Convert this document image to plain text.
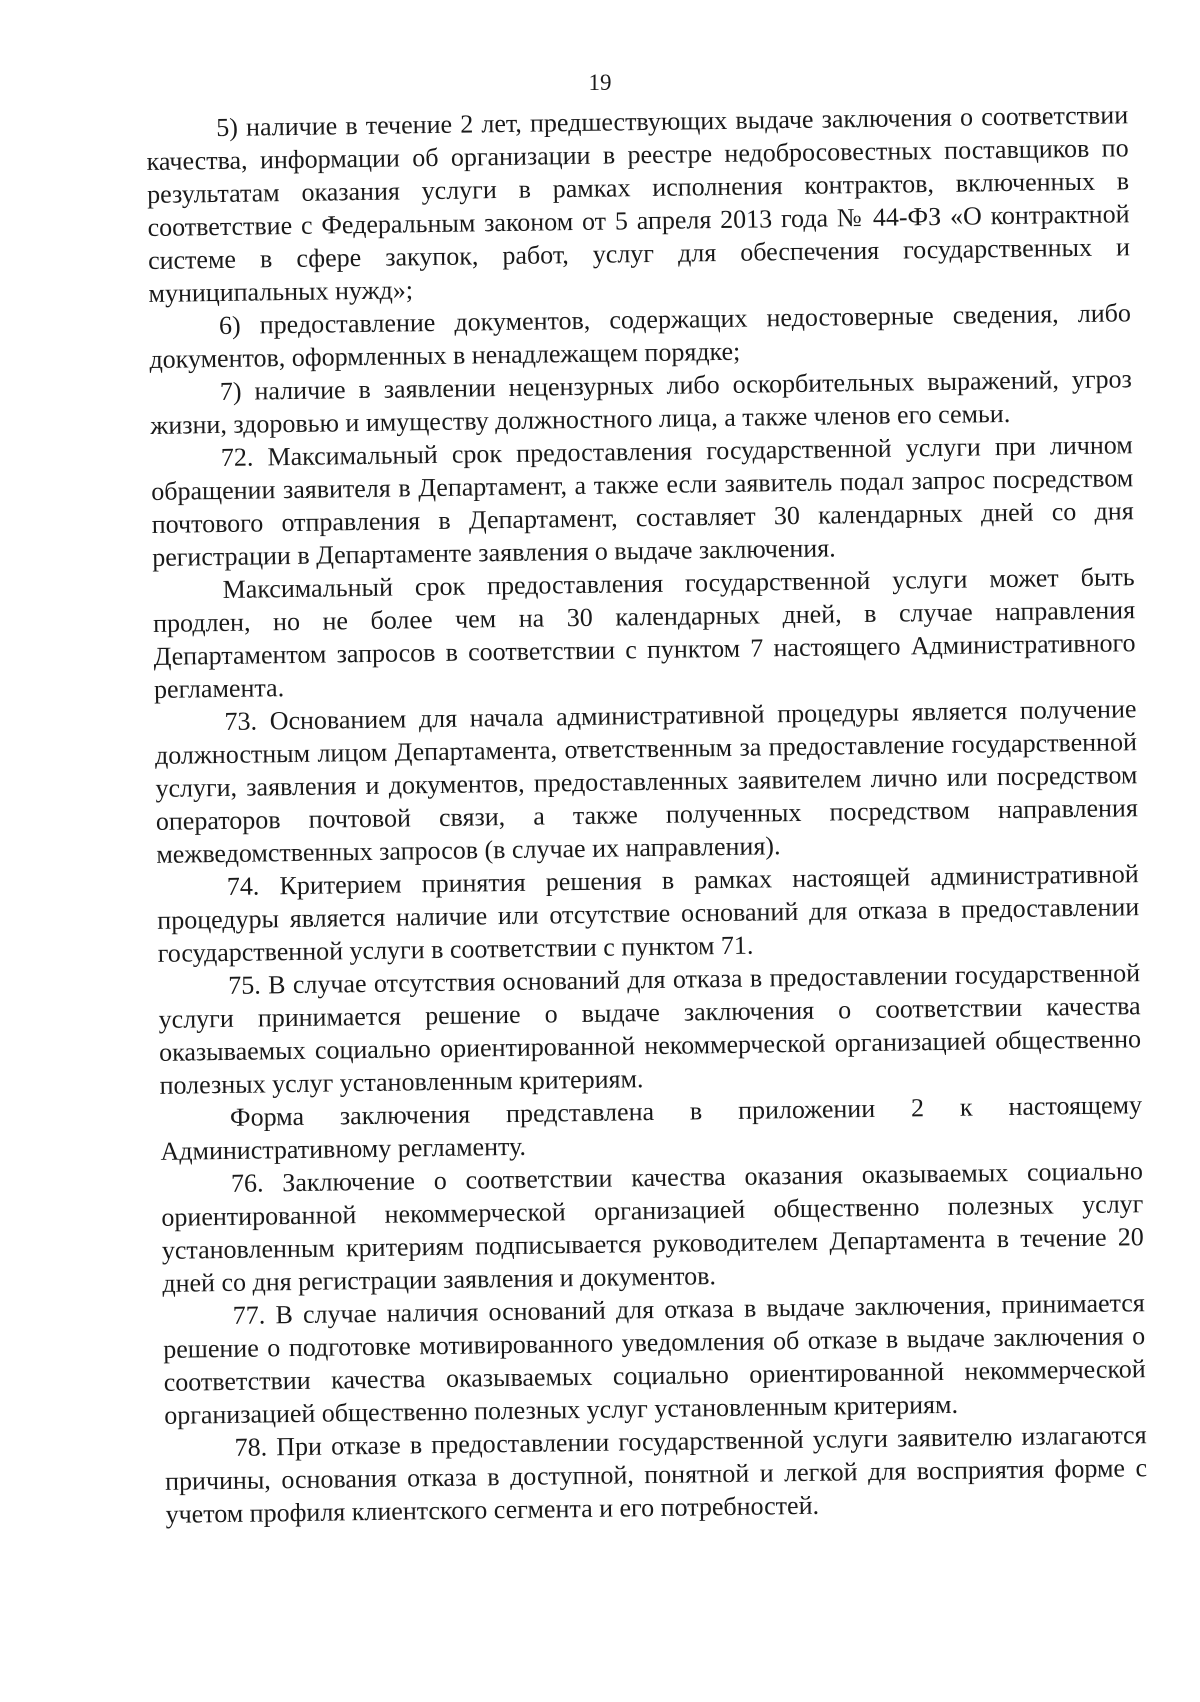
19

5) наличие в течение 2 лет, предшествующих выдаче заключения о соответствии качества, информации об организации в реестре недобросовестных поставщиков по результатам оказания услуги в рамках исполнения контрактов, включенных в соответствие с Федеральным законом от 5 апреля 2013 года № 44-ФЗ «О контрактной системе в сфере закупок, работ, услуг для обеспечения государственных и муниципальных нужд»;

6) предоставление документов, содержащих недостоверные сведения, либо документов, оформленных в ненадлежащем порядке;

7) наличие в заявлении нецензурных либо оскорбительных выражений, угроз жизни, здоровью и имуществу должностного лица, а также членов его семьи.

72. Максимальный срок предоставления государственной услуги при личном обращении заявителя в Департамент, а также если заявитель подал запрос посредством почтового отправления в Департамент, составляет 30 календарных дней со дня регистрации в Департаменте заявления о выдаче заключения.

Максимальный срок предоставления государственной услуги может быть продлен, но не более чем на 30 календарных дней, в случае направления Департаментом запросов в соответствии с пунктом 7 настоящего Административного регламента.

73. Основанием для начала административной процедуры является получение должностным лицом Департамента, ответственным за предоставление государственной услуги, заявления и документов, предоставленных заявителем лично или посредством операторов почтовой связи, а также полученных посредством направления межведомственных запросов (в случае их направления).

74. Критерием принятия решения в рамках настоящей административной процедуры является наличие или отсутствие оснований для отказа в предоставлении государственной услуги в соответствии с пунктом 71.

75. В случае отсутствия оснований для отказа в предоставлении государственной услуги принимается решение о выдаче заключения о соответствии качества оказываемых социально ориентированной некоммерческой организацией общественно полезных услуг установленным критериям.

Форма заключения представлена в приложении 2 к настоящему Административному регламенту.

76. Заключение о соответствии качества оказания оказываемых социально ориентированной некоммерческой организацией общественно полезных услуг установленным критериям подписывается руководителем Департамента в течение 20 дней со дня регистрации заявления и документов.

77. В случае наличия оснований для отказа в выдаче заключения, принимается решение о подготовке мотивированного уведомления об отказе в выдаче заключения о соответствии качества оказываемых социально ориентированной некоммерческой организацией общественно полезных услуг установленным критериям.

78. При отказе в предоставлении государственной услуги заявителю излагаются причины, основания отказа в доступной, понятной и легкой для восприятия форме с учетом профиля клиентского сегмента и его потребностей.
